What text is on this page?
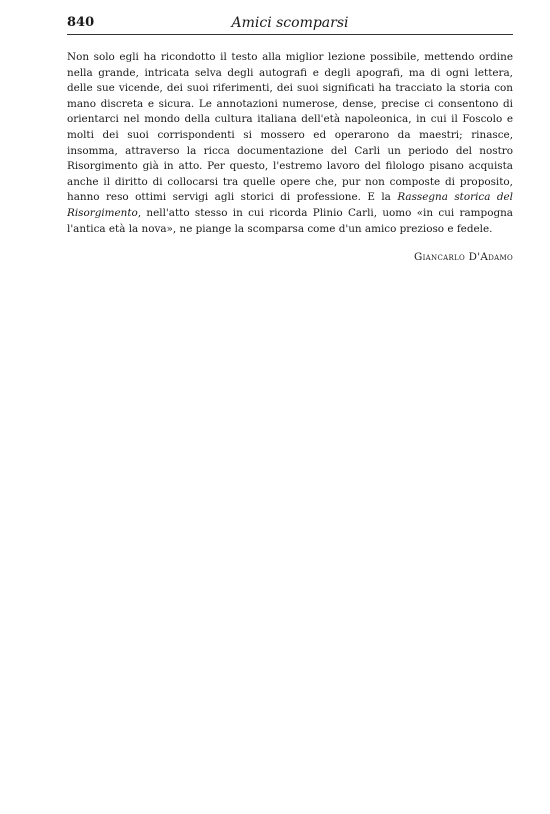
840	Amici scomparsi

Non solo egli ha ricondotto il testo alla miglior lezione possibile, mettendo ordine nella grande, intricata selva degli autografi e degli apografi, ma di ogni lettera, delle sue vicende, dei suoi riferimenti, dei suoi significati ha tracciato la storia con mano discreta e sicura. Le annotazioni numerose, dense, precise ci consentono di orientarci nel mondo della cultura italiana dell'età napoleonica, in cui il Foscolo e molti dei suoi corrispondenti si mossero ed operarono da maestri; rinasce, insomma, attraverso la ricca documentazione del Carli un periodo del nostro Risorgimento già in atto. Per questo, l'estremo lavoro del filologo pisano acquista anche il diritto di collocarsi tra quelle opere che, pur non composte di proposito, hanno reso ottimi servigi agli storici di professione. E la Rassegna storica del Risorgimento, nell'atto stesso in cui ricorda Plinio Carli, uomo «in cui rampogna l'antica età la nova», ne piange la scomparsa come d'un amico prezioso e fedele.

Giancarlo D'Adamo
